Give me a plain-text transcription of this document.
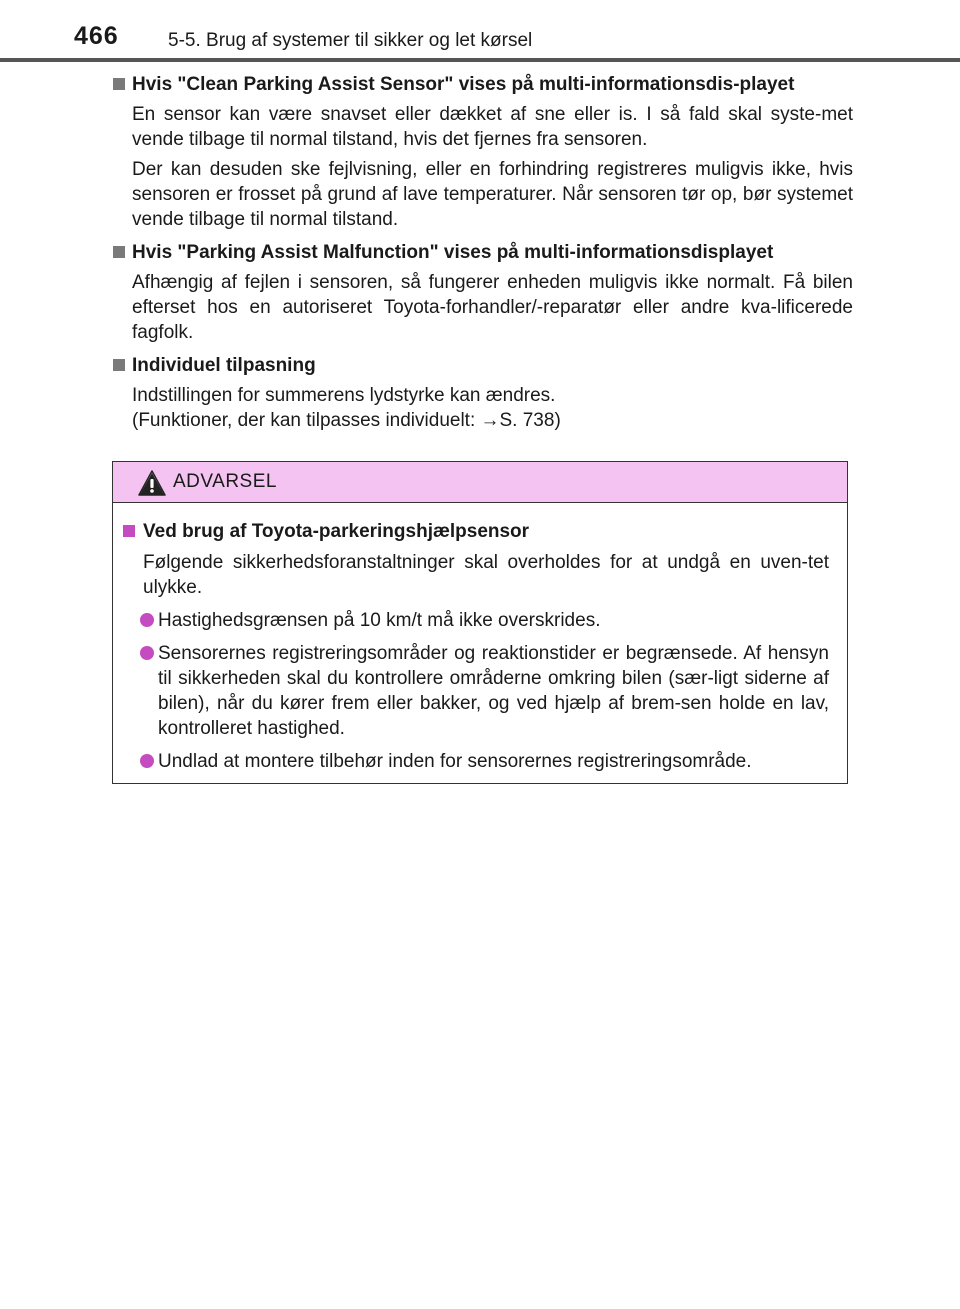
466	5-5. Brug af systemer til sikker og let kørsel
Hvis "Clean Parking Assist Sensor" vises på multi-informationsdis-playet
En sensor kan være snavset eller dækket af sne eller is. I så fald skal syste-met vende tilbage til normal tilstand, hvis det fjernes fra sensoren.
Der kan desuden ske fejlvisning, eller en forhindring registreres muligvis ikke, hvis sensoren er frosset på grund af lave temperaturer. Når sensoren tør op, bør systemet vende tilbage til normal tilstand.
Hvis "Parking Assist Malfunction" vises på multi-informationsdisplayet
Afhængig af fejlen i sensoren, så fungerer enheden muligvis ikke normalt. Få bilen efterset hos en autoriseret Toyota-forhandler/-reparatør eller andre kva-lificerede fagfolk.
Individuel tilpasning
Indstillingen for summerens lydstyrke kan ændres.
(Funktioner, der kan tilpasses individuelt: →S. 738)
ADVARSEL
Ved brug af Toyota-parkeringshjælpsensor
Følgende sikkerhedsforanstaltninger skal overholdes for at undgå en uven-tet ulykke.
Hastighedsgrænsen på 10 km/t må ikke overskrides.
Sensorernes registreringsområder og reaktionstider er begrænsede. Af hensyn til sikkerheden skal du kontrollere områderne omkring bilen (sær-ligt siderne af bilen), når du kører frem eller bakker, og ved hjælp af brem-sen holde en lav, kontrolleret hastighed.
Undlad at montere tilbehør inden for sensorernes registreringsområde.
